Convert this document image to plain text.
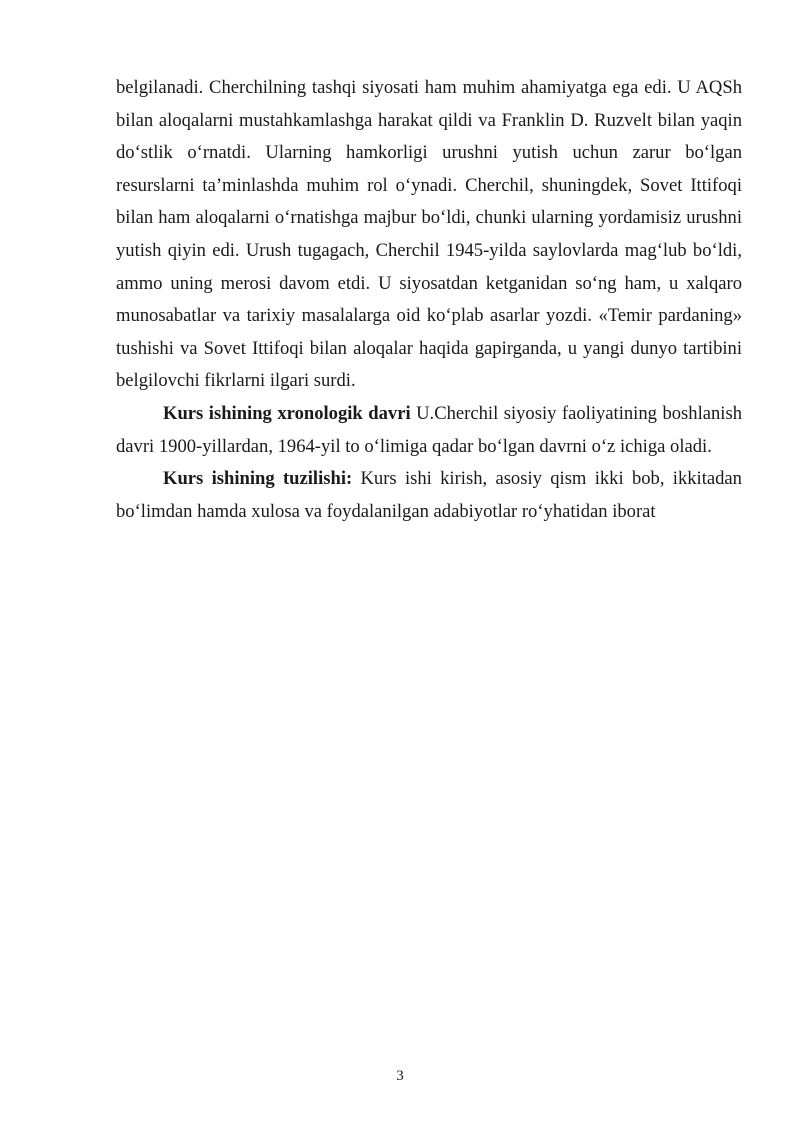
belgilanadi. Cherchilning tashqi siyosati ham muhim ahamiyatga ega edi. U AQSh bilan aloqalarni mustahkamlashga harakat qildi va Franklin D. Ruzvelt bilan yaqin do‘stlik o‘rnatdi. Ularning hamkorligi urushni yutish uchun zarur bo‘lgan resurslarni ta’minlashda muhim rol o‘ynadi. Cherchil, shuningdek, Sovet Ittifoqi bilan ham aloqalarni o‘rnatishga majbur bo‘ldi, chunki ularning yordamisiz urushni yutish qiyin edi. Urush tugagach, Cherchil 1945-yilda saylovlarda mag‘lub bo‘ldi, ammo uning merosi davom etdi. U siyosatdan ketganidan so‘ng ham, u xalqaro munosabatlar va tarixiy masalalarga oid ko‘plab asarlar yozdi. «Temir pardaning» tushishi va Sovet Ittifoqi bilan aloqalar haqida gapirganda, u yangi dunyo tartibini belgilovchi fikrlarni ilgari surdi.

Kurs ishining xronologik davri U.Cherchil siyosiy faoliyatining boshlanish davri 1900-yillardan, 1964-yil to o‘limiga qadar bo‘lgan davrni o‘z ichiga oladi.

Kurs ishining tuzilishi: Kurs ishi kirish, asosiy qism ikki bob, ikkitadan bo‘limdan hamda xulosa va foydalanilgan adabiyotlar ro‘yhatidan iborat

3
